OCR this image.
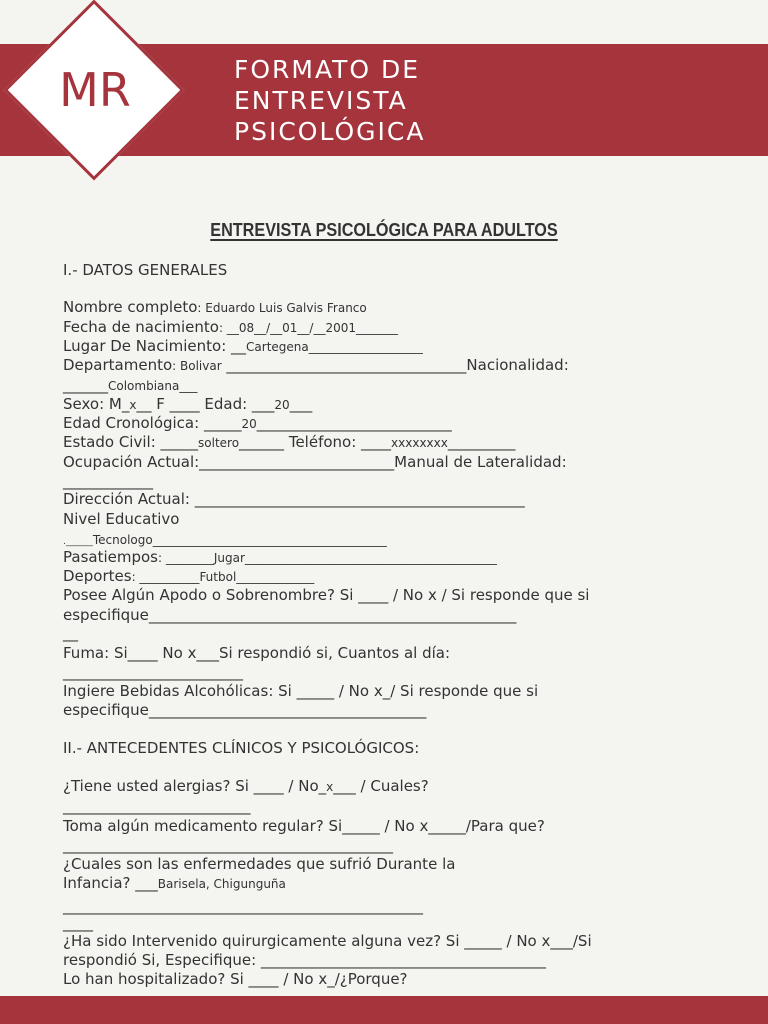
MR	FORMATO DE
ENTREVISTA
PSICOLÓGICA
ENTREVISTA PSICOLÓGICA PARA ADULTOS
I.- DATOS GENERALES
Nombre completo: Eduardo Luis Galvis Franco
Fecha de nacimiento: __08__/__01__/__2001_______
Lugar De Nacimiento: __Cartegena___________________
Departamento: Bolivar ________________________________Nacionalidad:
______Colombiana___
Sexo: M_x__ F ____ Edad: ___20___
Edad Cronológica: _____20__________________________
Estado Civil: _____soltero______ Teléfono: ____xxxxxxxx_________
Ocupación Actual:__________________________Manual de Lateralidad:
____________
Dirección Actual: ____________________________________________
Nivel Educativo
.______Tecnologo_______________________________________
Pasatiempos: ________Jugar__________________________________________
Deportes: __________Futbol_____________
Posee Algún Apodo o Sobrenombre? Si ____ / No x / Si responde que si
especifique_________________________________________________
__
Fuma: Si____ No x___Si respondió si, Cuantos al día:
________________________
Ingiere Bebidas Alcohólicas: Si _____ / No x_/ Si responde que si
especifique_____________________________________
II.- ANTECEDENTES CLÍNICOS Y PSICOLÓGICOS:
¿Tiene usted alergias? Si ____ / No_x___ / Cuales?
_________________________
Toma algún medicamento regular? Si_____ / No x_____/Para que?
____________________________________________
¿Cuales son las enfermedades que sufrió Durante la
Infancia? ___Barisela, Chigunguña
________________________________________________
____
¿Ha sido Intervenido quirurgicamente alguna vez? Si _____ / No x___/Si
respondió Si, Especifique: ______________________________________
Lo han hospitalizado? Si ____ / No x_/¿Porque?
